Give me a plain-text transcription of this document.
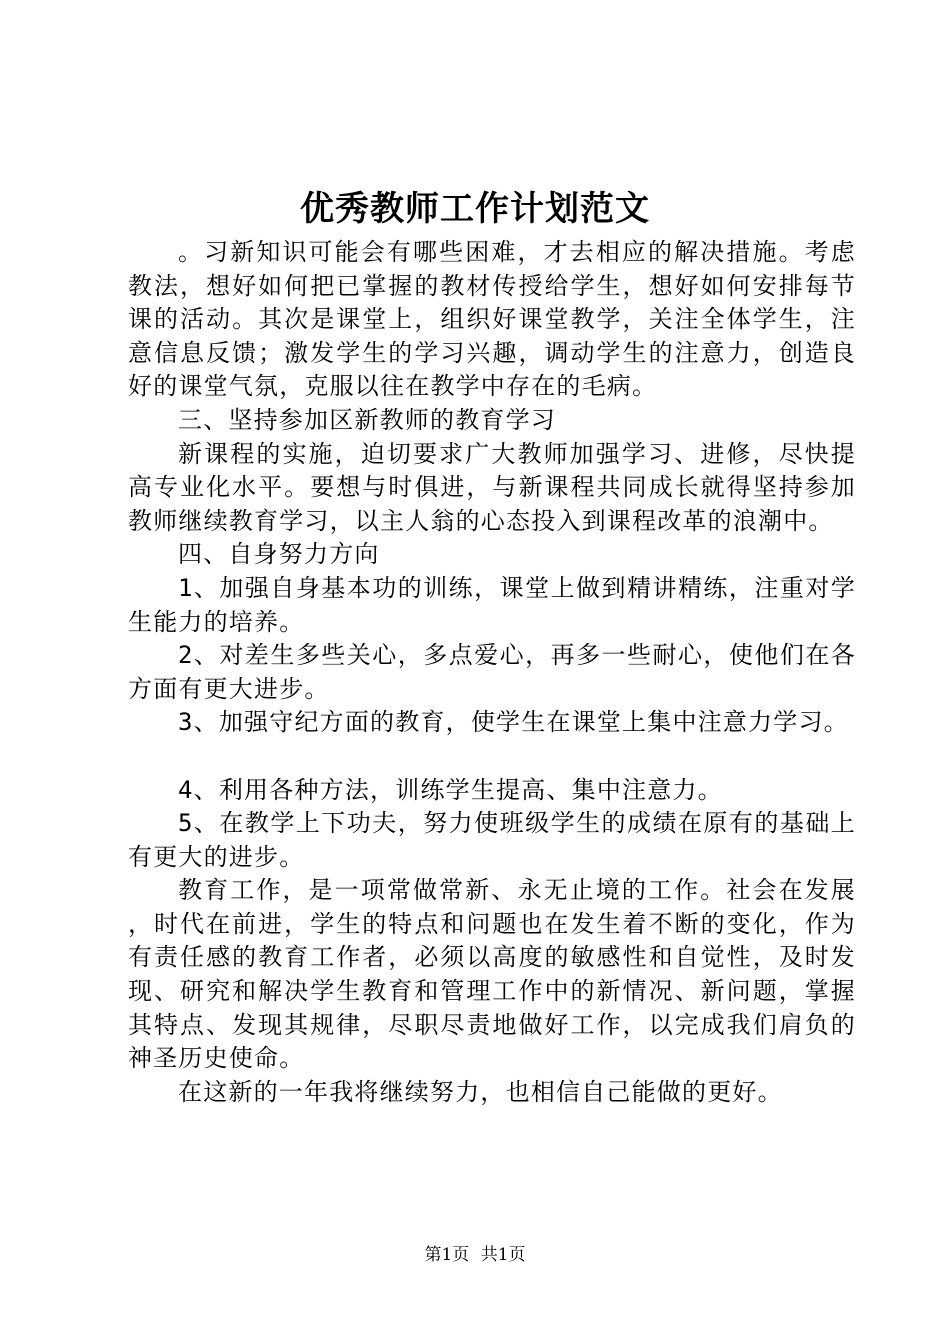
优秀教师工作计划范文

。习新知识可能会有哪些困难，才去相应的解决措施。考虑教法，想好如何把已掌握的教材传授给学生，想好如何安排每节课的活动。其次是课堂上，组织好课堂教学，关注全体学生，注意信息反馈；激发学生的学习兴趣，调动学生的注意力，创造良好的课堂气氛，克服以往在教学中存在的毛病。

三、坚持参加区新教师的教育学习

新课程的实施，迫切要求广大教师加强学习、进修，尽快提高专业化水平。要想与时俱进，与新课程共同成长就得坚持参加教师继续教育学习，以主人翁的心态投入到课程改革的浪潮中。

四、自身努力方向

1、加强自身基本功的训练，课堂上做到精讲精练，注重对学生能力的培养。

2、对差生多些关心，多点爱心，再多一些耐心，使他们在各方面有更大进步。

3、加强守纪方面的教育，使学生在课堂上集中注意力学习。

4、利用各种方法，训练学生提高、集中注意力。

5、在教学上下功夫，努力使班级学生的成绩在原有的基础上有更大的进步。

教育工作，是一项常做常新、永无止境的工作。社会在发展，时代在前进，学生的特点和问题也在发生着不断的变化，作为有责任感的教育工作者，必须以高度的敏感性和自觉性，及时发现、研究和解决学生教育和管理工作中的新情况、新问题，掌握其特点、发现其规律，尽职尽责地做好工作，以完成我们肩负的神圣历史使命。

在这新的一年我将继续努力，也相信自己能做的更好。

第1页 共1页
